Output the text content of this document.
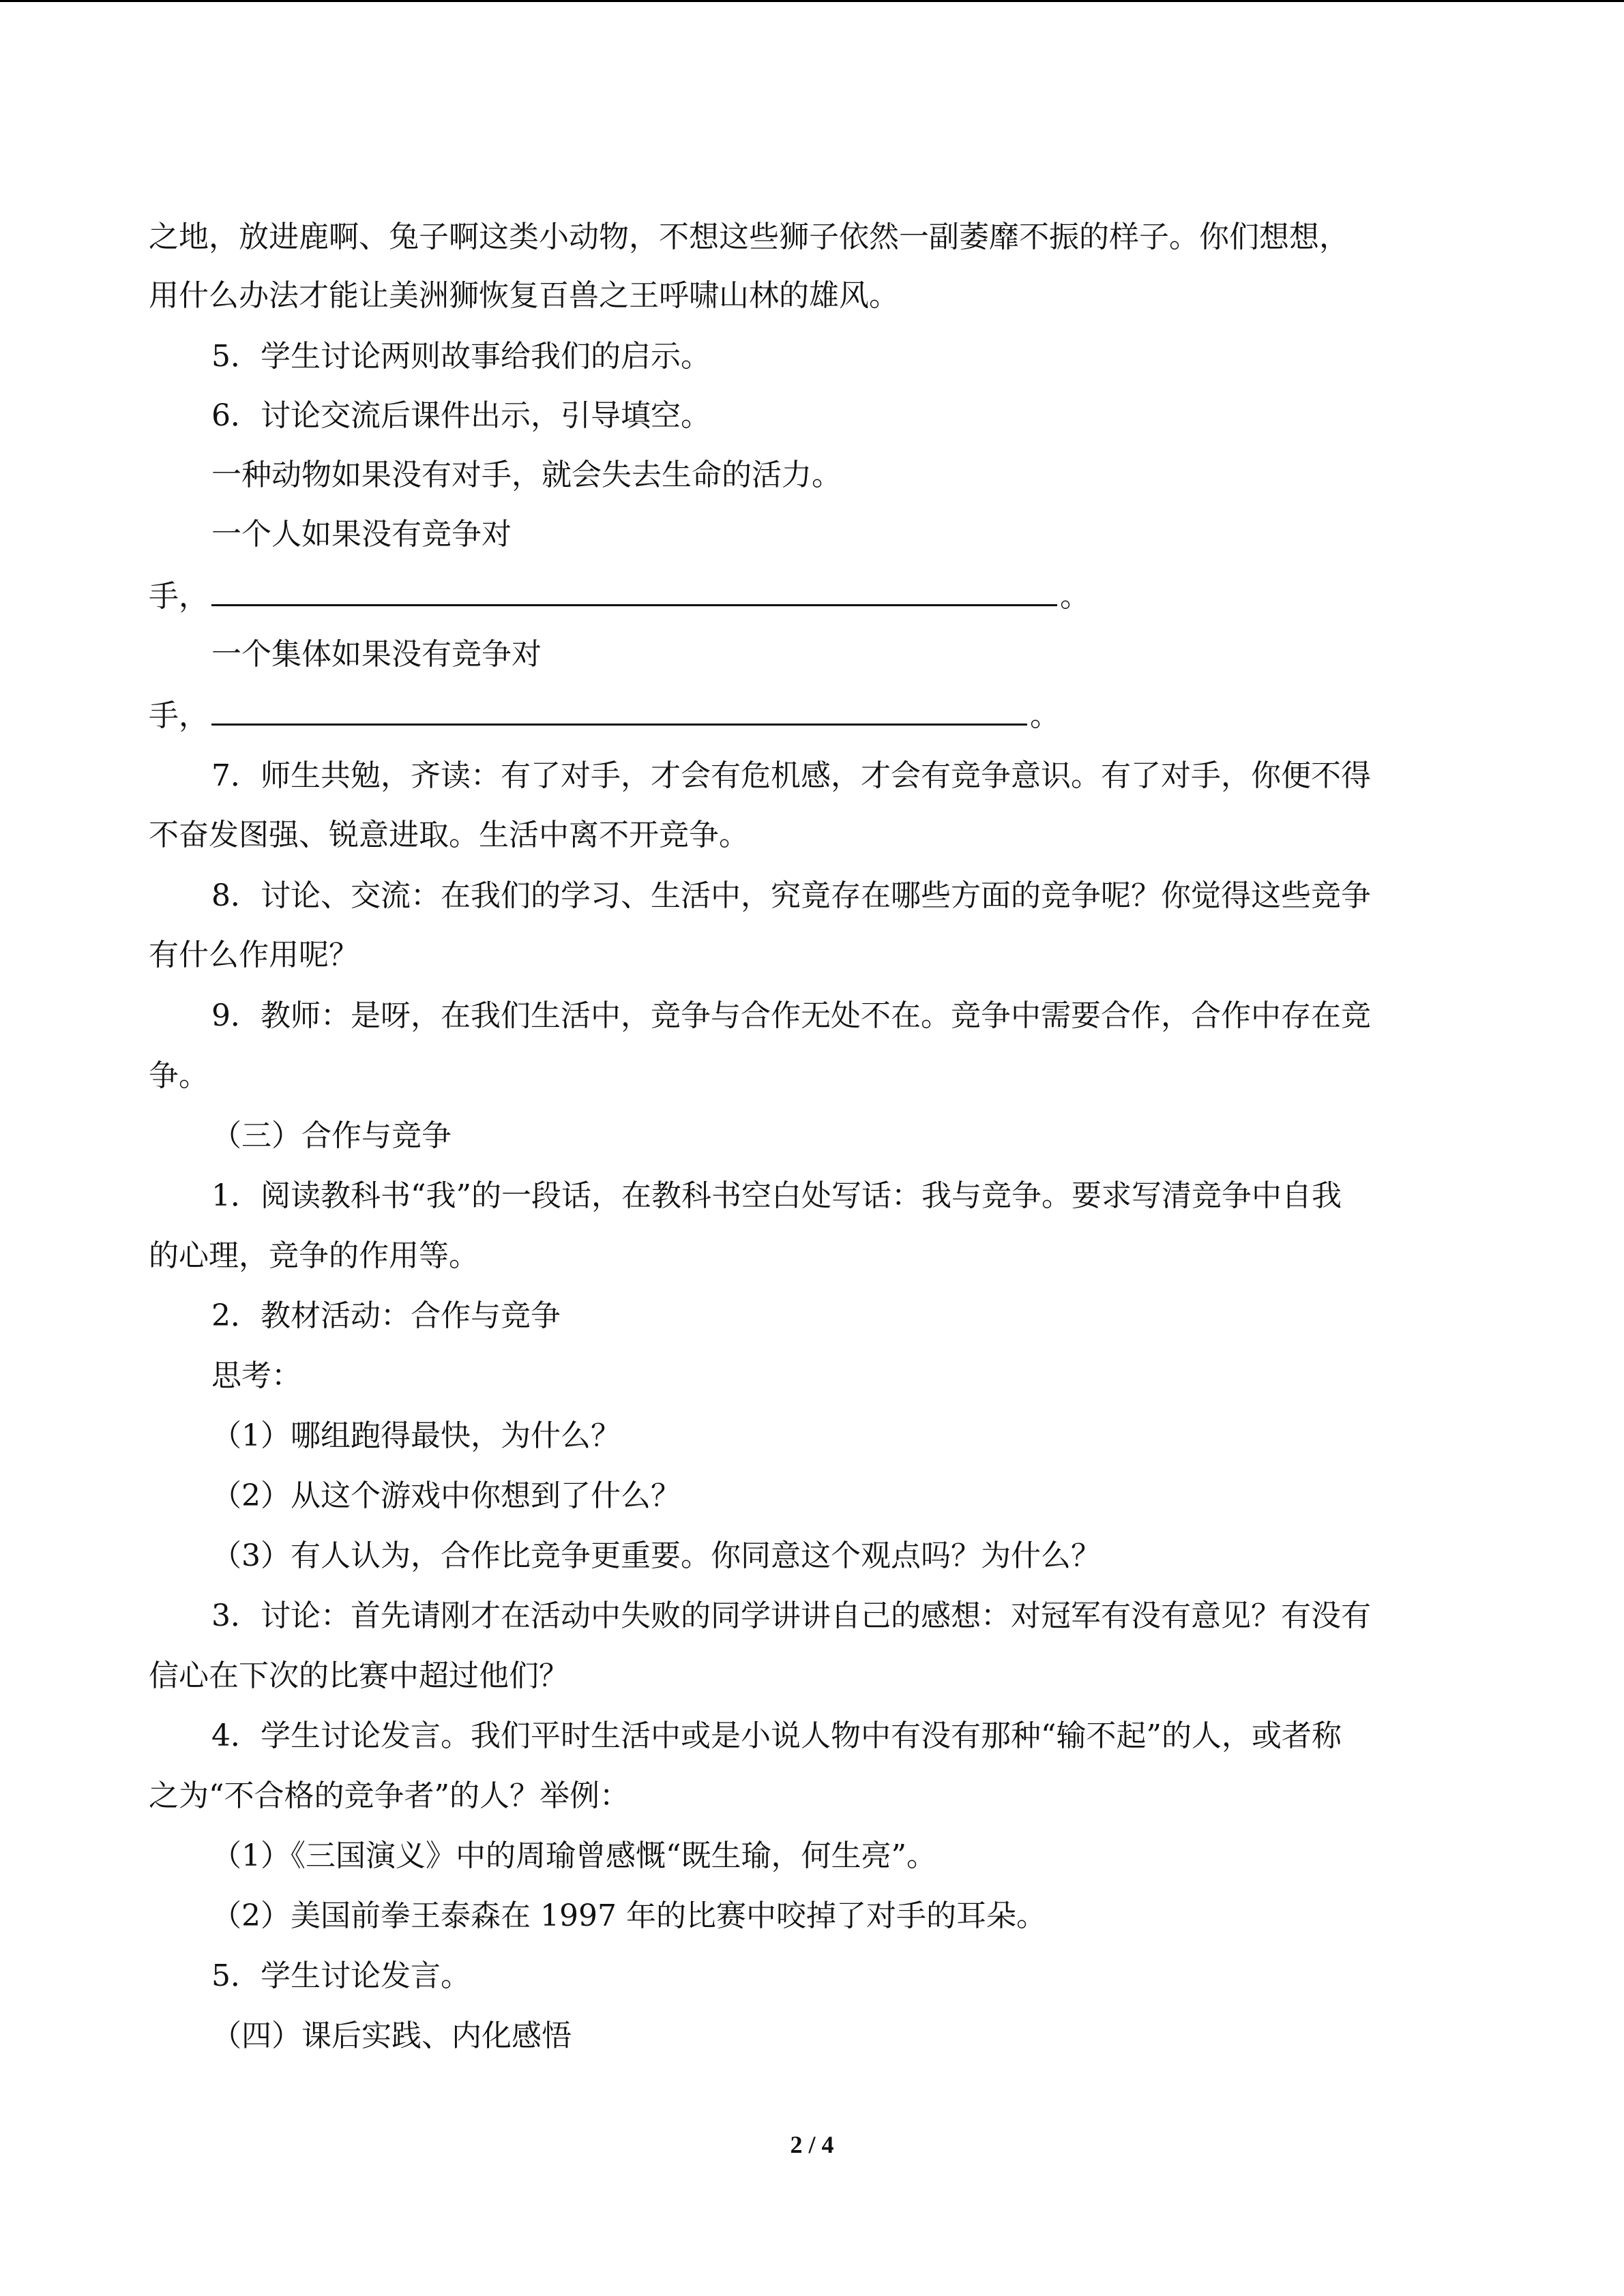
之地，放进鹿啊、兔子啊这类小动物，不想这些狮子依然一副萎靡不振的样子。你们想想，
用什么办法才能让美洲狮恢复百兽之王呼啸山林的雄风。
5．学生讨论两则故事给我们的启示。
6．讨论交流后课件出示，引导填空。
一种动物如果没有对手，就会失去生命的活力。
一个人如果没有竞争对
手，	。
一个集体如果没有竞争对
手，	。
7．师生共勉，齐读：有了对手，才会有危机感，才会有竞争意识。有了对手，你便不得
不奋发图强、锐意进取。生活中离不开竞争。
8．讨论、交流：在我们的学习、生活中，究竟存在哪些方面的竞争呢？你觉得这些竞争
有什么作用呢？
9．教师：是呀，在我们生活中，竞争与合作无处不在。竞争中需要合作，合作中存在竞
争。
（三）合作与竞争
1．阅读教科书“我”的一段话，在教科书空白处写话：我与竞争。要求写清竞争中自我
的心理，竞争的作用等。
2．教材活动：合作与竞争
思考：
（1）哪组跑得最快，为什么？
（2）从这个游戏中你想到了什么？
（3）有人认为，合作比竞争更重要。你同意这个观点吗？为什么？
3．讨论：首先请刚才在活动中失败的同学讲讲自己的感想：对冠军有没有意见？有没有
信心在下次的比赛中超过他们？
4．学生讨论发言。我们平时生活中或是小说人物中有没有那种“输不起”的人，或者称
之为“不合格的竞争者”的人？举例：
（1）《三国演义》中的周瑜曾感慨“既生瑜，何生亮”。
（2）美国前拳王泰森在 1997 年的比赛中咬掉了对手的耳朵。
5．学生讨论发言。
（四）课后实践、内化感悟
2 / 4
